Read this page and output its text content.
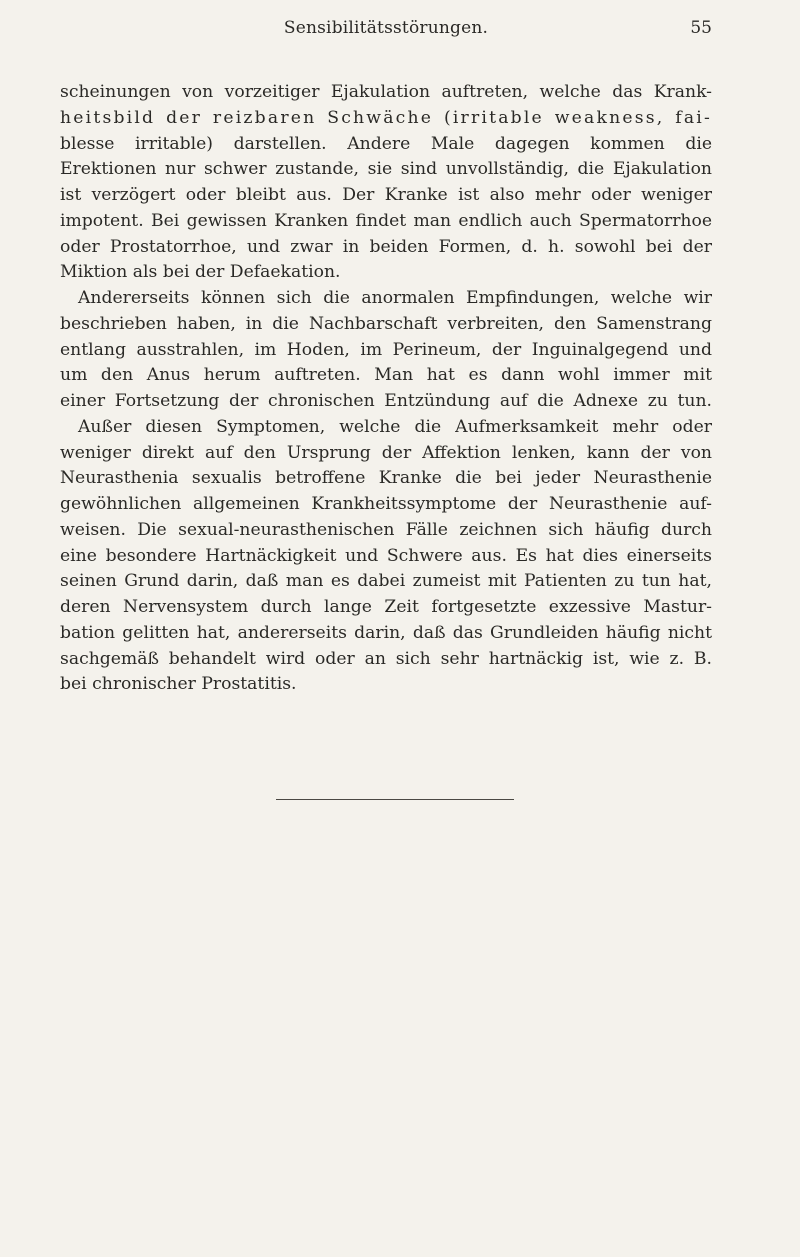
Sensibilitätsstörungen.	55
scheinungen von vorzeitiger Ejakulation auftreten, welche das Krank-
heitsbild der reizbaren Schwäche (irritable weakness, fai-
blesse irritable) darstellen. Andere Male dagegen kommen die
Erektionen nur schwer zustande, sie sind unvollständig, die Ejakulation
ist verzögert oder bleibt aus. Der Kranke ist also mehr oder weniger
impotent. Bei gewissen Kranken findet man endlich auch Spermatorrhoe
oder Prostatorrhoe, und zwar in beiden Formen, d. h. sowohl bei der
Miktion als bei der Defaekation.
Andererseits können sich die anormalen Empfindungen, welche wir
beschrieben haben, in die Nachbarschaft verbreiten, den Samenstrang
entlang ausstrahlen, im Hoden, im Perineum, der Inguinalgegend und
um den Anus herum auftreten. Man hat es dann wohl immer mit
einer Fortsetzung der chronischen Entzündung auf die Adnexe zu tun.
Außer diesen Symptomen, welche die Aufmerksamkeit mehr oder
weniger direkt auf den Ursprung der Affektion lenken, kann der von
Neurasthenia sexualis betroffene Kranke die bei jeder Neurasthenie
gewöhnlichen allgemeinen Krankheitssymptome der Neurasthenie auf-
weisen. Die sexual-neurasthenischen Fälle zeichnen sich häufig durch
eine besondere Hartnäckigkeit und Schwere aus. Es hat dies einerseits
seinen Grund darin, daß man es dabei zumeist mit Patienten zu tun hat,
deren Nervensystem durch lange Zeit fortgesetzte exzessive Mastur-
bation gelitten hat, andererseits darin, daß das Grundleiden häufig nicht
sachgemäß behandelt wird oder an sich sehr hartnäckig ist, wie z. B.
bei chronischer Prostatitis.
